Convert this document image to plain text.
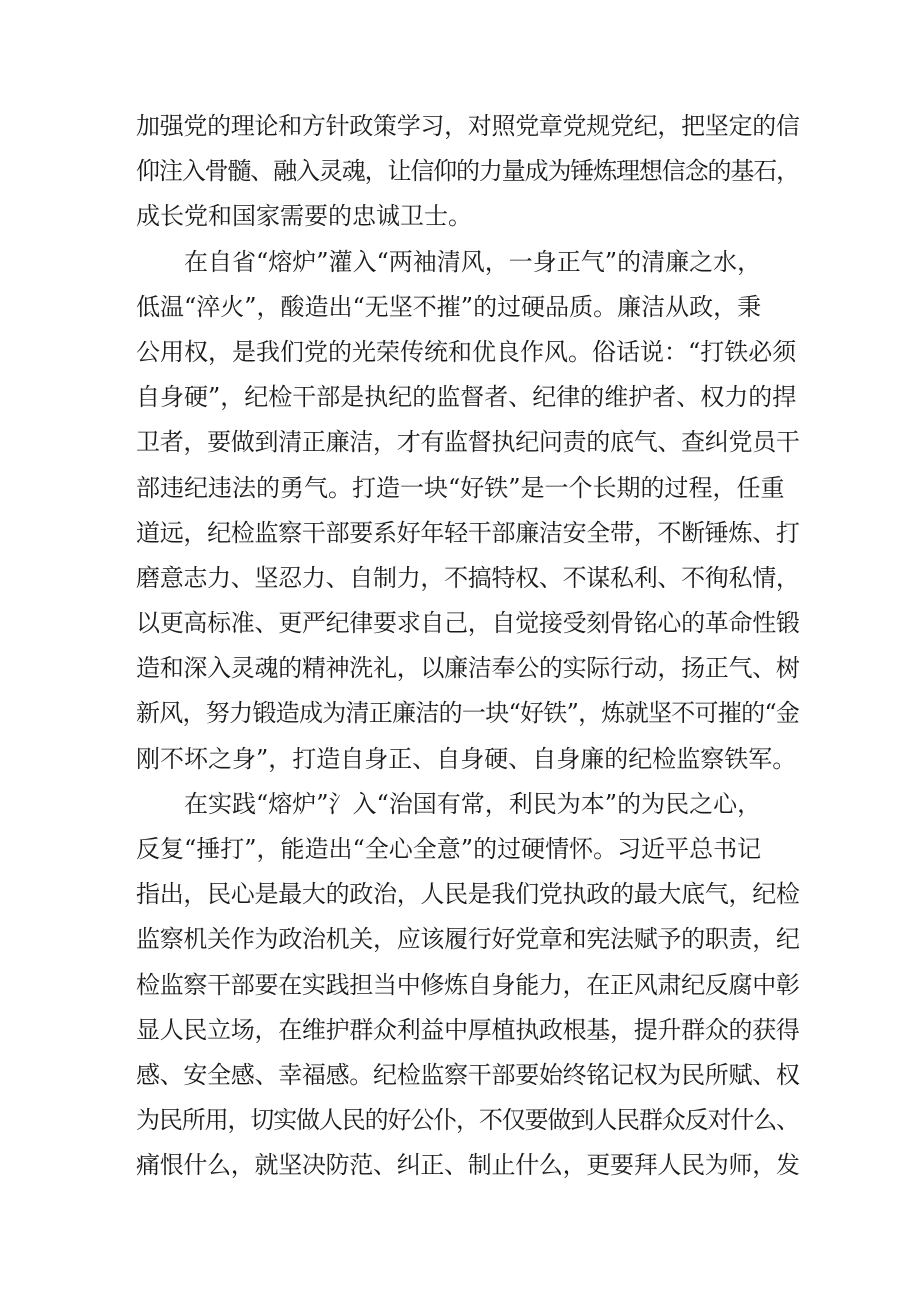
加强党的理论和方针政策学习，对照党章党规党纪，把坚定的信
仰注入骨髓、融入灵魂，让信仰的力量成为锤炼理想信念的基石，
成长党和国家需要的忠诚卫士。
在自省“熔炉”灌入“两袖清风，一身正气”的清廉之水，
低温“淬火”，酸造出“无坚不摧”的过硬品质。廉洁从政，秉
公用权，是我们党的光荣传统和优良作风。俗话说：“打铁必须
自身硬”，纪检干部是执纪的监督者、纪律的维护者、权力的捍
卫者，要做到清正廉洁，才有监督执纪问责的底气、查纠党员干
部违纪违法的勇气。打造一块“好铁”是一个长期的过程，任重
道远，纪检监察干部要系好年轻干部廉洁安全带，不断锤炼、打
磨意志力、坚忍力、自制力，不搞特权、不谋私利、不徇私情，
以更高标准、更严纪律要求自己，自觉接受刻骨铭心的革命性锻
造和深入灵魂的精神洗礼，以廉洁奉公的实际行动，扬正气、树
新风，努力锻造成为清正廉洁的一块“好铁”，炼就坚不可摧的“金
刚不坏之身”，打造自身正、自身硬、自身廉的纪检监察铁军。
在实践“熔炉”氵入“治国有常，利民为本”的为民之心，
反复“捶打”，能造出“全心全意”的过硬情怀。习近平总书记
指出，民心是最大的政治，人民是我们党执政的最大底气，纪检
监察机关作为政治机关，应该履行好党章和宪法赋予的职责，纪
检监察干部要在实践担当中修炼自身能力，在正风肃纪反腐中彰
显人民立场，在维护群众利益中厚植执政根基，提升群众的获得
感、安全感、幸福感。纪检监察干部要始终铭记权为民所赋、权
为民所用，切实做人民的好公仆，不仅要做到人民群众反对什么、
痛恨什么，就坚决防范、纠正、制止什么，更要拜人民为师，发
